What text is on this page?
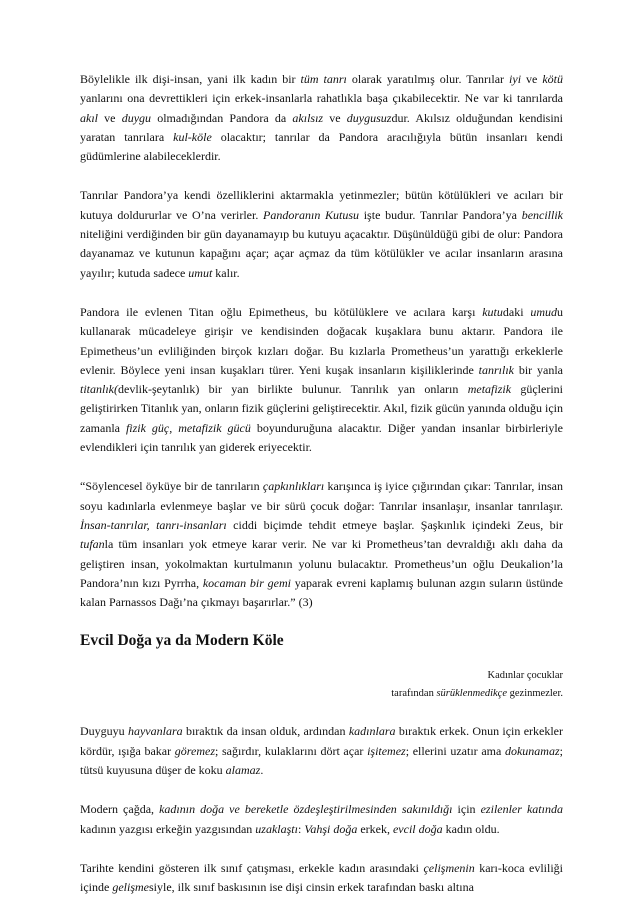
Böylelikle ilk dişi-insan, yani ilk kadın bir tüm tanrı olarak yaratılmış olur. Tanrılar iyi ve kötü yanlarını ona devrettikleri için erkek-insanlarla rahatlıkla başa çıkabilecektir. Ne var ki tanrılarda akıl ve duygu olmadığından Pandora da akılsız ve duygusuzdur. Akılsız olduğundan kendisini yaratan tanrılara kul-köle olacaktır; tanrılar da Pandora aracılığıyla bütün insanları kendi güdümlerine alabileceklerdir.

Tanrılar Pandora’ya kendi özelliklerini aktarmakla yetinmezler; bütün kötülükleri ve acıları bir kutuya doldururlar ve O’na verirler. Pandoranın Kutusu işte budur. Tanrılar Pandora’ya bencillik niteliğini verdiğinden bir gün dayanamayıp bu kutuyu açacaktır. Düşünüldüğü gibi de olur: Pandora dayanamaz ve kutunun kapağını açar; açar açmaz da tüm kötülükler ve acılar insanların arasına yayılır; kutuda sadece umut kalır.

Pandora ile evlenen Titan oğlu Epimetheus, bu kötülüklere ve acılara karşı kutudaki umudu kullanarak mücadeleye girişir ve kendisinden doğacak kuşaklara bunu aktarır. Pandora ile Epimetheus’un evliliğinden birçok kızları doğar. Bu kızlarla Prometheus’un yarattığı erkeklerle evlenir. Böylece yeni insan kuşakları türer. Yeni kuşak insanların kişiliklerinde tanrılık bir yanla titanlık(devlik-şeytanlık) bir yan birlikte bulunur. Tanrılık yan onların metafizik güçlerini geliştirirken Titanlık yan, onların fizik güçlerini geliştirecektir. Akıl, fizik gücün yanında olduğu için zamanla fizik güç, metafizik gücü boyunduruğuna alacaktır. Diğer yandan insanlar birbirleriyle evlendikleri için tanrılık yan giderek eriyecektir.

“Söylencesel öyküye bir de tanrıların çapkınlıkları karışınca iş iyice çığırından çıkar: Tanrılar, insan soyu kadınlarla evlenmeye başlar ve bir sürü çocuk doğar: Tanrılar insanlaşır, insanlar tanrılaşır. İnsan-tanrılar, tanrı-insanları ciddi biçimde tehdit etmeye başlar. Şaşkınlık içindeki Zeus, bir tufanla tüm insanları yok etmeye karar verir. Ne var ki Prometheus’tan devraldığı aklı daha da geliştiren insan, yokolmaktan kurtulmanın yolunu bulacaktır. Prometheus’un oğlu Deukalion’la Pandora’nın kızı Pyrrha, kocaman bir gemi yaparak evreni kaplamış bulunan azgın suların üstünde kalan Parnassos Dağı’na çıkmayı başarırlar.” (3)

Evcil Doğa ya da Modern Köle
Kadınlar çocuklar
tarafından sürüklenmedikçe gezinmezler.

Duyguyu hayvanlara bıraktık da insan olduk, ardından kadınlara bıraktık erkek. Onun için erkekler kördür, ışığa bakar göremez; sağırdır, kulaklarını dört açar işitemez; ellerini uzatır ama dokunamaz; tütsü kuyusuna düşer de koku alamaz.

Modern çağda, kadının doğa ve bereketle özdeşleştirilmesinden sakınıldığı için ezilenler katında kadının yazgısı erkeğin yazgısından uzaklaştı: Vahşi doğa erkek, evcil doğa kadın oldu.

Tarihte kendini gösteren ilk sınıf çatışması, erkekle kadın arasındaki çelişmenin karı-koca evliliği içinde gelişmesiyle, ilk sınıf baskısının ise dişi cinsin erkek tarafından baskı altına
